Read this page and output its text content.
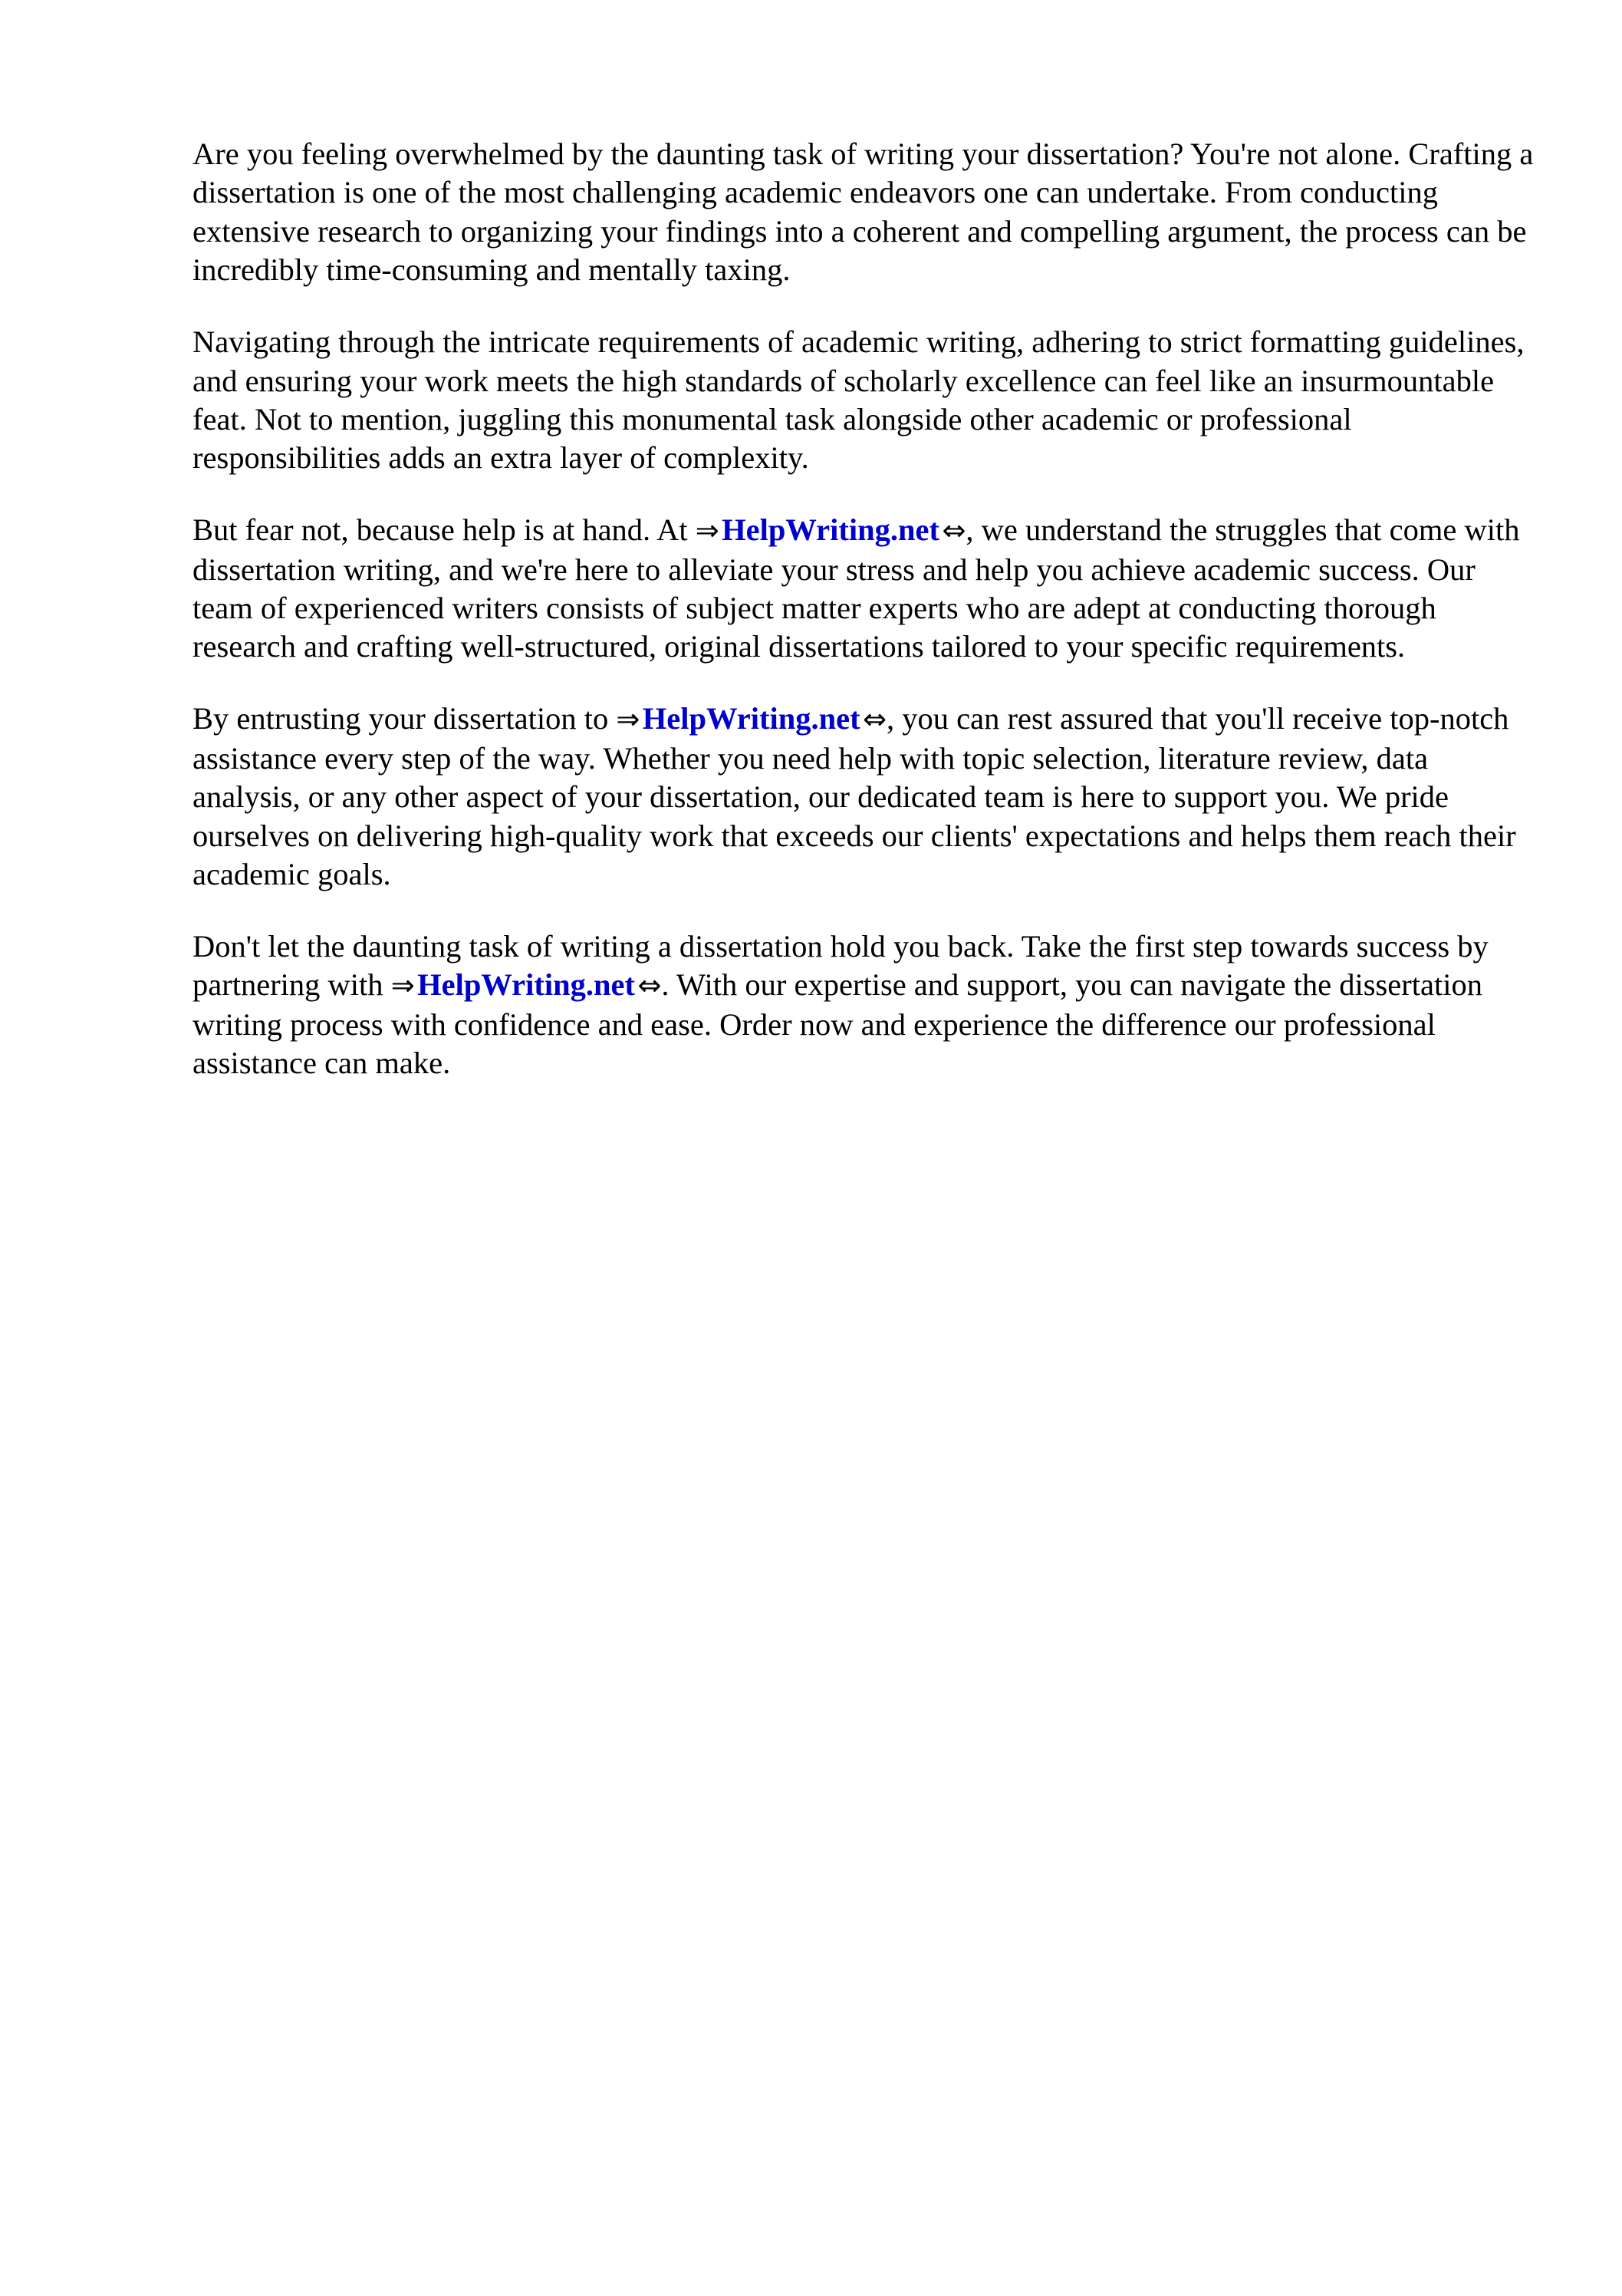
Are you feeling overwhelmed by the daunting task of writing your dissertation? You're not alone. Crafting a dissertation is one of the most challenging academic endeavors one can undertake. From conducting extensive research to organizing your findings into a coherent and compelling argument, the process can be incredibly time-consuming and mentally taxing.

Navigating through the intricate requirements of academic writing, adhering to strict formatting guidelines, and ensuring your work meets the high standards of scholarly excellence can feel like an insurmountable feat. Not to mention, juggling this monumental task alongside other academic or professional responsibilities adds an extra layer of complexity.

But fear not, because help is at hand. At ⇒ HelpWriting.net ⇔, we understand the struggles that come with dissertation writing, and we're here to alleviate your stress and help you achieve academic success. Our team of experienced writers consists of subject matter experts who are adept at conducting thorough research and crafting well-structured, original dissertations tailored to your specific requirements.

By entrusting your dissertation to ⇒ HelpWriting.net ⇔, you can rest assured that you'll receive top-notch assistance every step of the way. Whether you need help with topic selection, literature review, data analysis, or any other aspect of your dissertation, our dedicated team is here to support you. We pride ourselves on delivering high-quality work that exceeds our clients' expectations and helps them reach their academic goals.

Don't let the daunting task of writing a dissertation hold you back. Take the first step towards success by partnering with ⇒ HelpWriting.net ⇔. With our expertise and support, you can navigate the dissertation writing process with confidence and ease. Order now and experience the difference our professional assistance can make.
